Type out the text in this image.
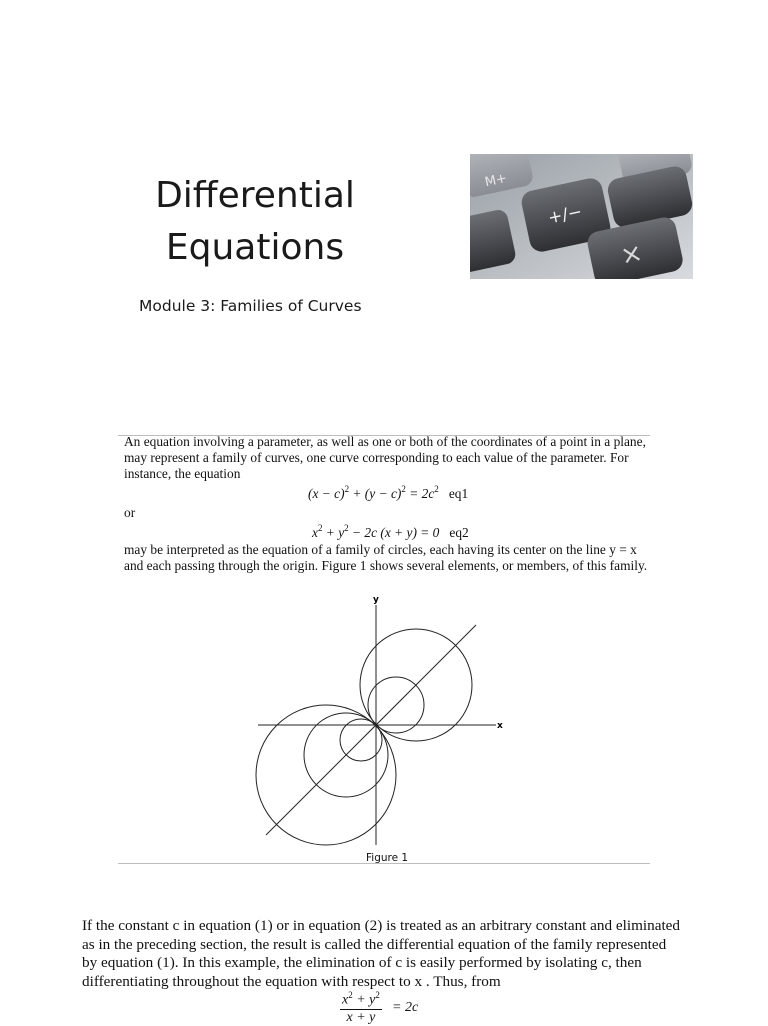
Differential
Equations
Module 3: Families of Curves
+/−
×
M+

An equation involving a parameter, as well as one or both of the coordinates of a point in a plane, may represent a family of curves, one curve corresponding to each value of the parameter. For instance, the equation

$(x - c)^2 + (y - c)^2 = 2c^2$ eq1
or
$x^2 + y^2 - 2c$ (x + y) = 0   eq2

may be interpreted as the equation of a family of circles, each having its center on the line y = x and each passing through the origin. Figure 1 shows several elements, or members, of this family.

y
x
Figure 1

If the constant c in equation (1) or in equation (2) is treated as an arbitrary constant and eliminated as in the preceding section, the result is called the differential equation of the family represented by equation (1). In this example, the elimination of c is easily performed by isolating c, then differentiating throughout the equation with respect to x . Thus, from

$\frac{x^2 + y^2}{x + y} = 2c$
